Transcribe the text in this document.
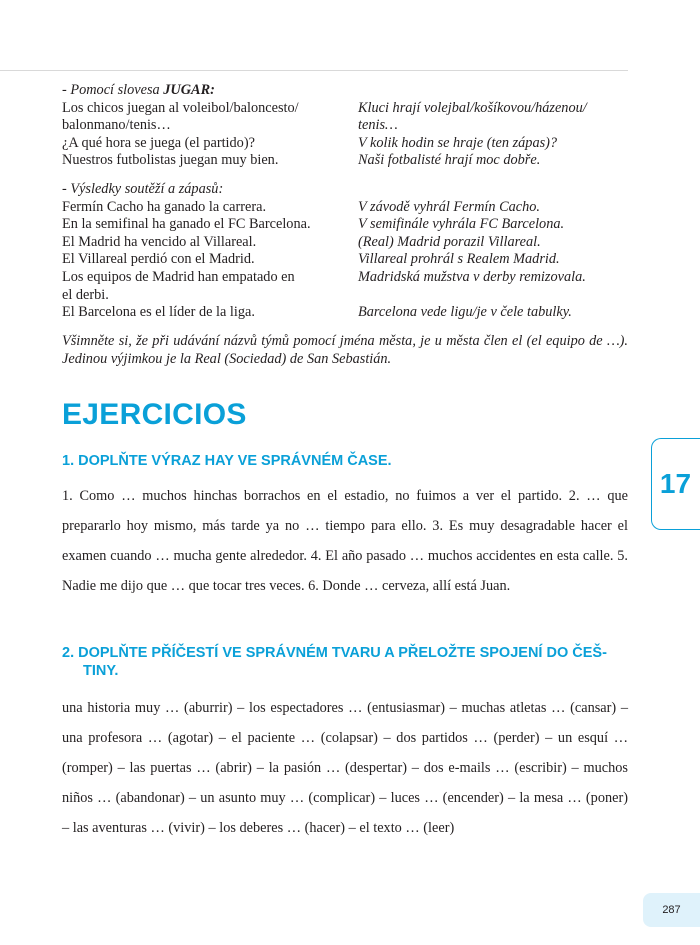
- Pomocí slovesa JUGAR:
Los chicos juegan al voleibol/baloncesto/	Kluci hrají volejbal/košíkovou/házenou/
balonmano/tenis…	tenis…
¿A qué hora se juega (el partido)?	V kolik hodin se hraje (ten zápas)?
Nuestros futbolistas juegan muy bien.	Naši fotbalisté hrají moc dobře.
- Výsledky soutěží a zápasů:
Fermín Cacho ha ganado la carrera.	V závodě vyhrál Fermín Cacho.
En la semifinal ha ganado el FC Barcelona.	V semifinále vyhrála FC Barcelona.
El Madrid ha vencido al Villareal.	(Real) Madrid porazil Villareal.
El Villareal perdió con el Madrid.	Villareal prohrál s Realem Madrid.
Los equipos de Madrid han empatado en	Madridská mužstva v derby remizovala.
el derbi.
El Barcelona es el líder de la liga.	Barcelona vede ligu/je v čele tabulky.
Všimněte si, že při udávání názvů týmů pomocí jména města, je u města člen el (el equipo de …). Jedinou výjimkou je la Real (Sociedad) de San Sebastián.
EJERCICIOS
1. DOPLŇTE VÝRAZ HAY VE SPRÁVNÉM ČASE.
1. Como … muchos hinchas borrachos en el estadio, no fuimos a ver el partido. 2. … que prepararlo hoy mismo, más tarde ya no … tiempo para ello. 3. Es muy desagradable hacer el examen cuando … mucha gente alrededor. 4. El año pasado … muchos accidentes en esta calle. 5. Nadie me dijo que … que tocar tres veces. 6. Donde … cerveza, allí está Juan.
2. DOPLŇTE PŘÍČESTÍ VE SPRÁVNÉM TVARU A PŘELOŽTE SPOJENÍ DO ČEŠ-
TINY.
una historia muy … (aburrir) – los espectadores … (entusiasmar) – muchas atletas … (cansar) – una profesora … (agotar) – el paciente … (colapsar) – dos partidos … (perder) – un esquí … (romper) – las puertas … (abrir) – la pasión … (despertar) – dos e-mails … (escribir) – muchos niños … (abandonar) – un asunto muy … (complicar) – luces … (encender) – la mesa … (poner) – las aventuras … (vivir) – los deberes … (hacer) – el texto … (leer)
17
287
